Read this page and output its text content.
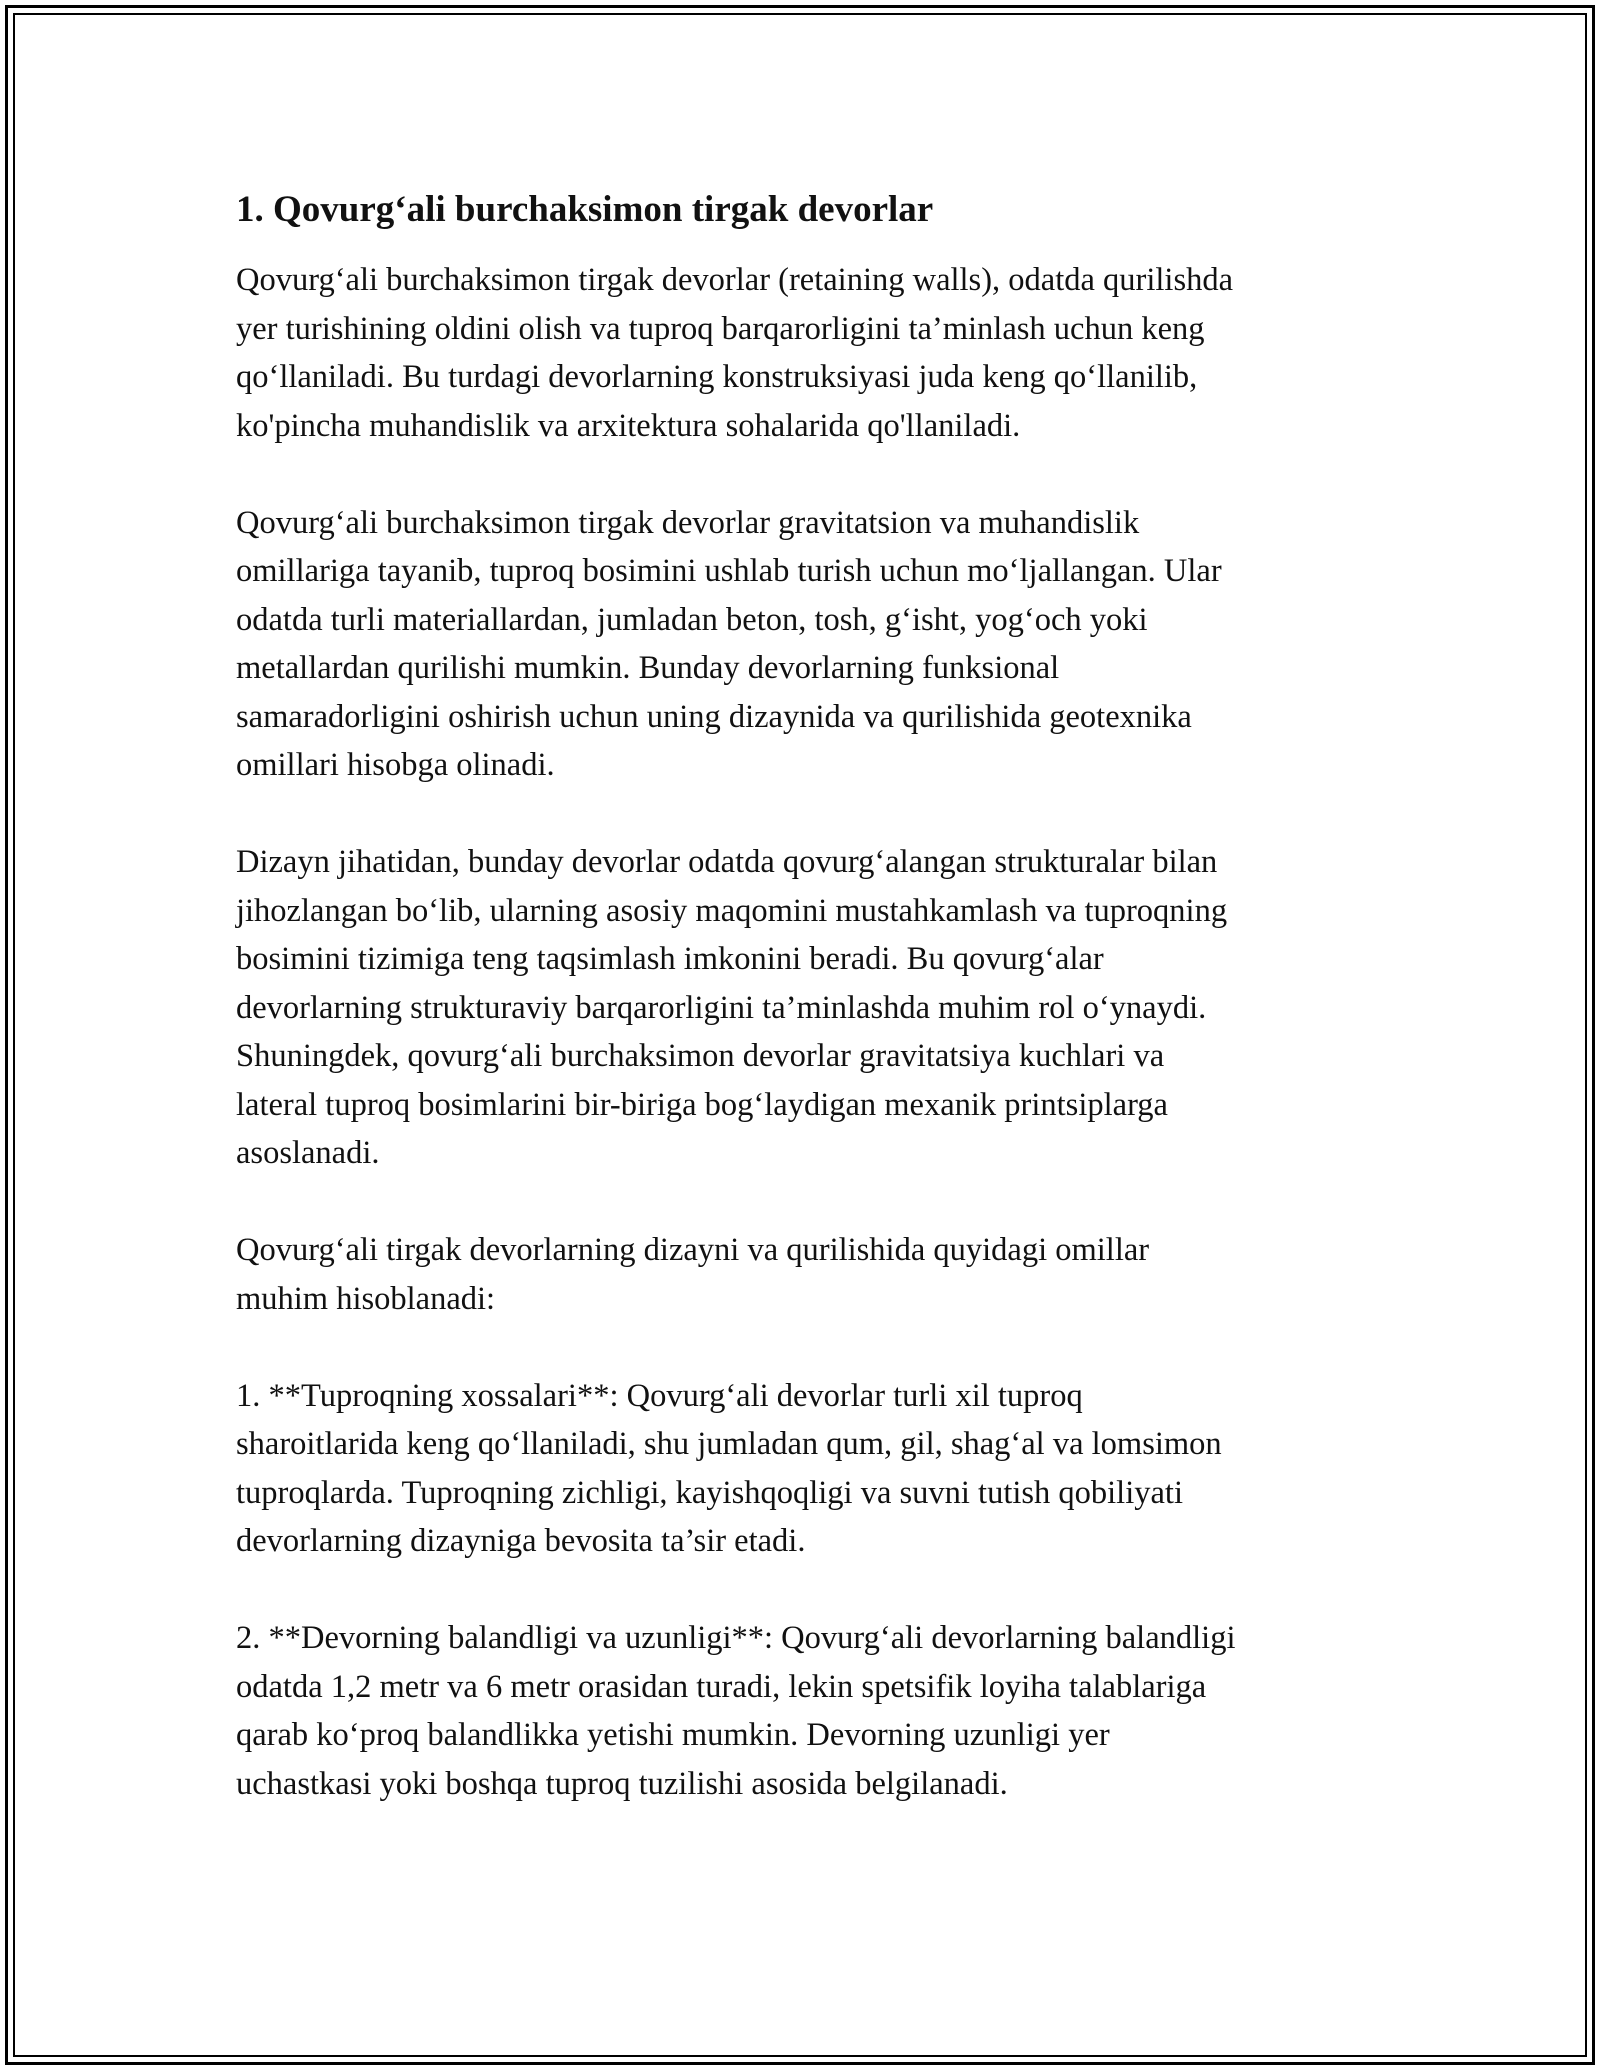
1. Qovurg‘ali burchaksimon tirgak devorlar
Qovurg‘ali burchaksimon tirgak devorlar (retaining walls), odatda qurilishda
yer turishining oldini olish va tuproq barqarorligini ta’minlash uchun keng
qo‘llaniladi. Bu turdagi devorlarning konstruksiyasi juda keng qo‘llanilib,
ko'pincha muhandislik va arxitektura sohalarida qo'llaniladi.
Qovurg‘ali burchaksimon tirgak devorlar gravitatsion va muhandislik
omillariga tayanib, tuproq bosimini ushlab turish uchun mo‘ljallangan. Ular
odatda turli materiallardan, jumladan beton, tosh, g‘isht, yog‘och yoki
metallardan qurilishi mumkin. Bunday devorlarning funksional
samaradorligini oshirish uchun uning dizaynida va qurilishida geotexnika
omillari hisobga olinadi.
Dizayn jihatidan, bunday devorlar odatda qovurg‘alangan strukturalar bilan
jihozlangan bo‘lib, ularning asosiy maqomini mustahkamlash va tuproqning
bosimini tizimiga teng taqsimlash imkonini beradi. Bu qovurg‘alar
devorlarning strukturaviy barqarorligini ta’minlashda muhim rol o‘ynaydi.
Shuningdek, qovurg‘ali burchaksimon devorlar gravitatsiya kuchlari va
lateral tuproq bosimlarini bir-biriga bog‘laydigan mexanik printsiplarga
asoslanadi.
Qovurg‘ali tirgak devorlarning dizayni va qurilishida quyidagi omillar
muhim hisoblanadi:
1. **Tuproqning xossalari**: Qovurg‘ali devorlar turli xil tuproq
sharoitlarida keng qo‘llaniladi, shu jumladan qum, gil, shag‘al va lomsimon
tuproqlarda. Tuproqning zichligi, kayishqoqligi va suvni tutish qobiliyati
devorlarning dizayniga bevosita ta’sir etadi.
2. **Devorning balandligi va uzunligi**: Qovurg‘ali devorlarning balandligi
odatda 1,2 metr va 6 metr orasidan turadi, lekin spetsifik loyiha talablariga
qarab ko‘proq balandlikka yetishi mumkin. Devorning uzunligi yer
uchastkasi yoki boshqa tuproq tuzilishi asosida belgilanadi.
